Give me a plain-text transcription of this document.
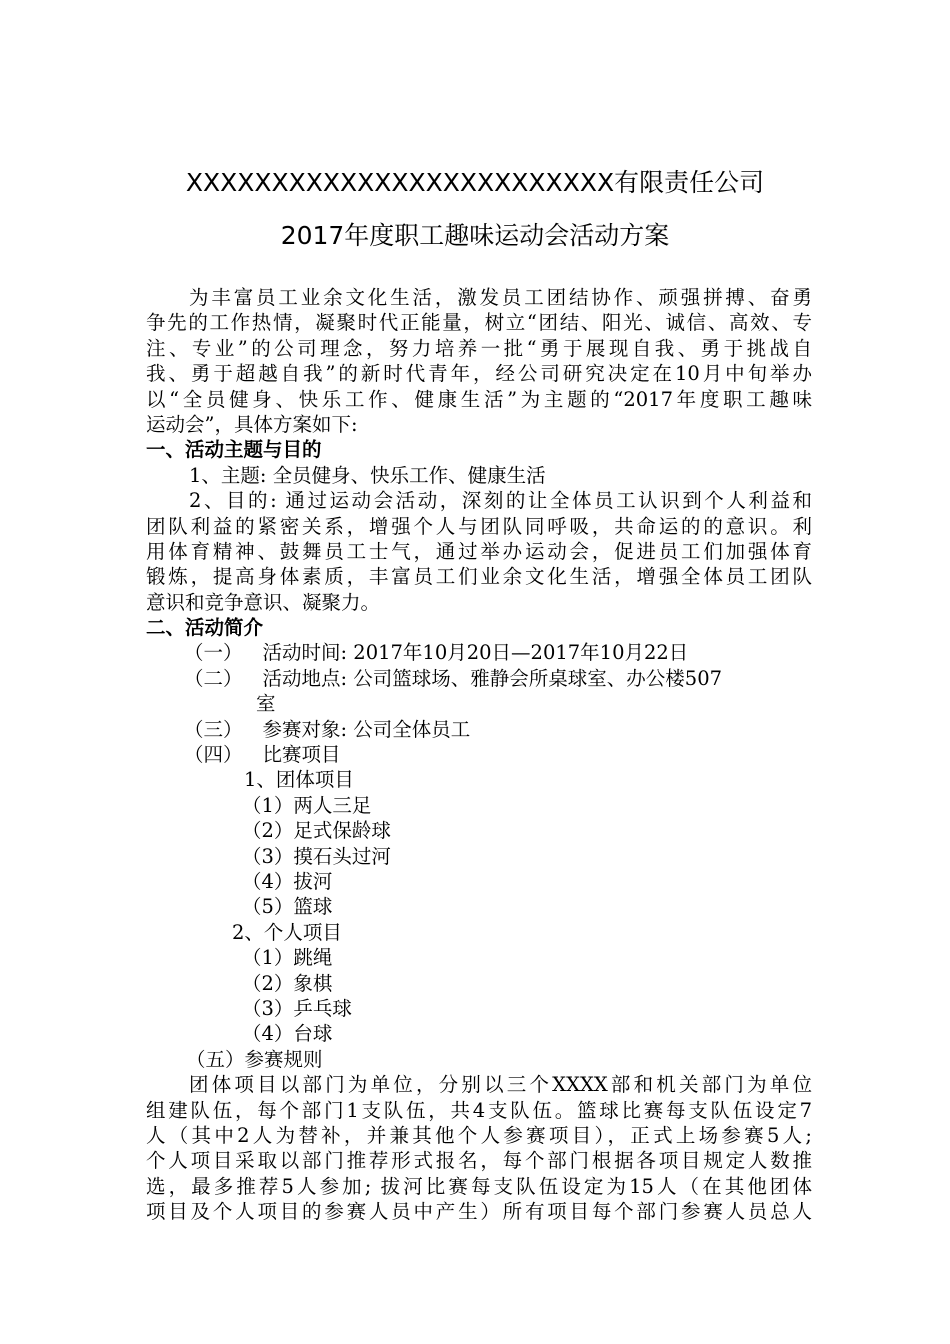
XXXXXXXXXXXXXXXXXXXXXXXXX有限责任公司
2017年度职工趣味运动会活动方案
为丰富员工业余文化生活，激发员工团结协作、顽强拼搏、奋勇
争先的工作热情，凝聚时代正能量，树立“团结、阳光、诚信、高效、专
注、专业”的公司理念，努力培养一批“勇于展现自我、勇于挑战自
我、勇于超越自我”的新时代青年，经公司研究决定在10月中旬举办
以“全员健身、快乐工作、健康生活”为主题的“2017年度职工趣味
运动会”，具体方案如下:
一、活动主题与目的
1、主题: 全员健身、快乐工作、健康生活
2、目的: 通过运动会活动，深刻的让全体员工认识到个人利益和
团队利益的紧密关系，增强个人与团队同呼吸，共命运的的意识。利
用体育精神、鼓舞员工士气，通过举办运动会，促进员工们加强体育
锻炼，提高身体素质，丰富员工们业余文化生活，增强全体员工团队
意识和竞争意识、凝聚力。
二、活动简介
（一） 活动时间: 2017年10月20日—2017年10月22日
（二） 活动地点: 公司篮球场、雅静会所桌球室、办公楼507
室
（三） 参赛对象: 公司全体员工
（四） 比赛项目
1、团体项目
（1）两人三足
（2）足式保龄球
（3）摸石头过河
（4）拔河
（5）篮球
2、个人项目
（1）跳绳
（2）象棋
（3）乒乓球
（4）台球
（五）参赛规则
团体项目以部门为单位，分别以三个XXXX部和机关部门为单位
组建队伍，每个部门1支队伍，共4支队伍。篮球比赛每支队伍设定7
人（其中2人为替补，并兼其他个人参赛项目），正式上场参赛5人;
个人项目采取以部门推荐形式报名，每个部门根据各项目规定人数推
选，最多推荐5人参加; 拔河比赛每支队伍设定为15人（在其他团体
项目及个人项目的参赛人员中产生）所有项目每个部门参赛人员总人
